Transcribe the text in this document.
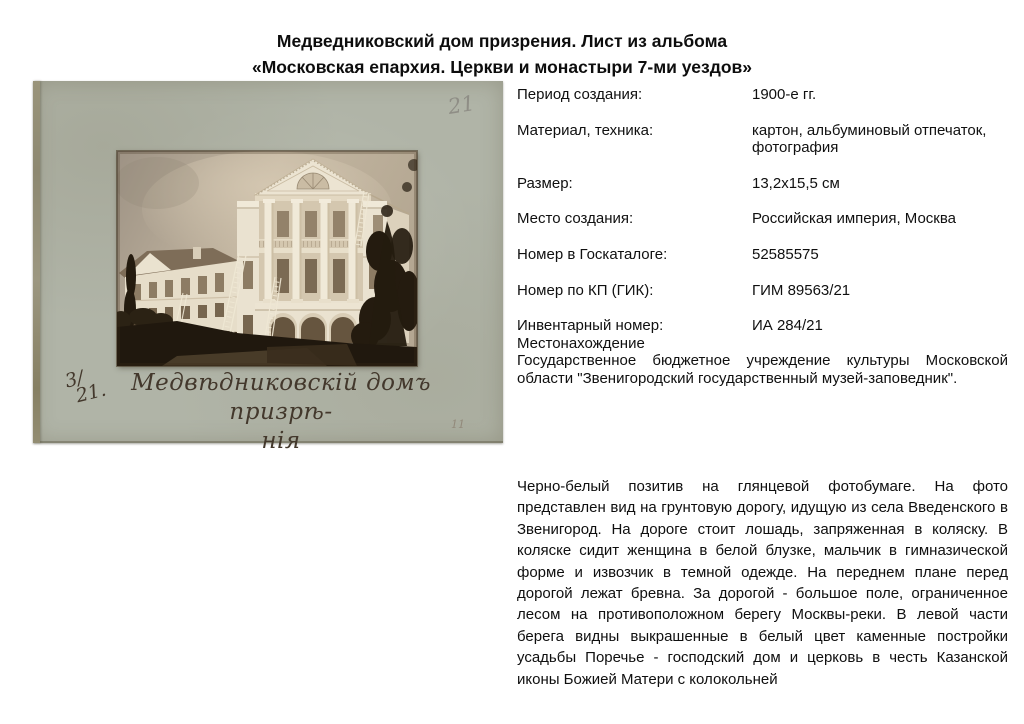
Медведниковский дом призрения. Лист из альбома
«Московская епархия. Церкви и монастыри 7-ми уездов»
21
3/
21. Медвѣдниковскій домъ призрѣ-
нія
11
Период создания:	1900-е гг.
Материал, техника:	картон, альбуминовый отпечаток, фотография
Размер:	13,2х15,5 см
Место создания:	Российская империя, Москва
Номер в Госкаталоге:	52585575
Номер по КП (ГИК):	ГИМ 89563/21
Инвентарный номер:	ИА 284/21
Местонахождение
Государственное бюджетное учреждение культуры Московской области "Звенигородский государственный музей-заповедник".

Черно-белый позитив на глянцевой фотобумаге. На фото представлен вид на грунтовую дорогу, идущую из села Введенского в Звенигород. На дороге стоит лошадь, запряженная в коляску. В коляске сидит женщина в белой блузке, мальчик в гимназической форме и извозчик в темной одежде. На переднем плане перед дорогой лежат бревна. За дорогой - большое поле, ограниченное лесом на противоположном берегу Москвы-реки. В левой части берега видны выкрашенные в белый цвет каменные постройки усадьбы Поречье - господский дом и церковь в честь Казанской иконы Божией Матери с колокольней
